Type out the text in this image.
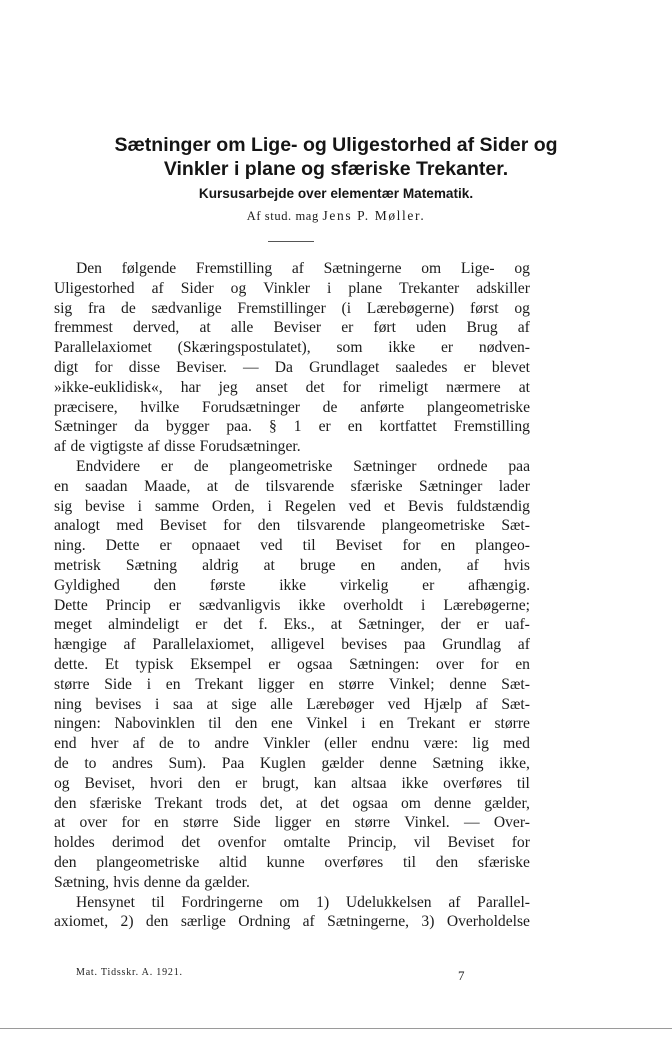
Sætninger om Lige- og Uligestorhed af Sider og
Vinkler i plane og sfæriske Trekanter.

Kursusarbejde over elementær Matematik.

Af stud. mag Jens P. Møller.

Den følgende Fremstilling af Sætningerne om Lige- og
Uligestorhed af Sider og Vinkler i plane Trekanter adskiller
sig fra de sædvanlige Fremstillinger (i Lærebøgerne) først og
fremmest derved, at alle Beviser er ført uden Brug af
Parallelaxiomet (Skæringspostulatet), som ikke er nødven-
digt for disse Beviser. — Da Grundlaget saaledes er blevet
»ikke-euklidisk«, har jeg anset det for rimeligt nærmere at
præcisere, hvilke Forudsætninger de anførte plangeometriske
Sætninger da bygger paa. § 1 er en kortfattet Fremstilling
af de vigtigste af disse Forudsætninger.
Endvidere er de plangeometriske Sætninger ordnede paa
en saadan Maade, at de tilsvarende sfæriske Sætninger lader
sig bevise i samme Orden, i Regelen ved et Bevis fuldstændig
analogt med Beviset for den tilsvarende plangeometriske Sæt-
ning. Dette er opnaaet ved til Beviset for en plangeo-
metrisk Sætning aldrig at bruge en anden, af hvis
Gyldighed den første ikke virkelig er afhængig.
Dette Princip er sædvanligvis ikke overholdt i Lærebøgerne;
meget almindeligt er det f. Eks., at Sætninger, der er uaf-
hængige af Parallelaxiomet, alligevel bevises paa Grundlag af
dette. Et typisk Eksempel er ogsaa Sætningen: over for en
større Side i en Trekant ligger en større Vinkel; denne Sæt-
ning bevises i saa at sige alle Lærebøger ved Hjælp af Sæt-
ningen: Nabovinklen til den ene Vinkel i en Trekant er større
end hver af de to andre Vinkler (eller endnu være: lig med
de to andres Sum). Paa Kuglen gælder denne Sætning ikke,
og Beviset, hvori den er brugt, kan altsaa ikke overføres til
den sfæriske Trekant trods det, at det ogsaa om denne gælder,
at over for en større Side ligger en større Vinkel. — Over-
holdes derimod det ovenfor omtalte Princip, vil Beviset for
den plangeometriske altid kunne overføres til den sfæriske
Sætning, hvis denne da gælder.
Hensynet til Fordringerne om 1) Udelukkelsen af Parallel-
axiomet, 2) den særlige Ordning af Sætningerne, 3) Overholdelse
Mat. Tidsskr. A. 1921.	7
